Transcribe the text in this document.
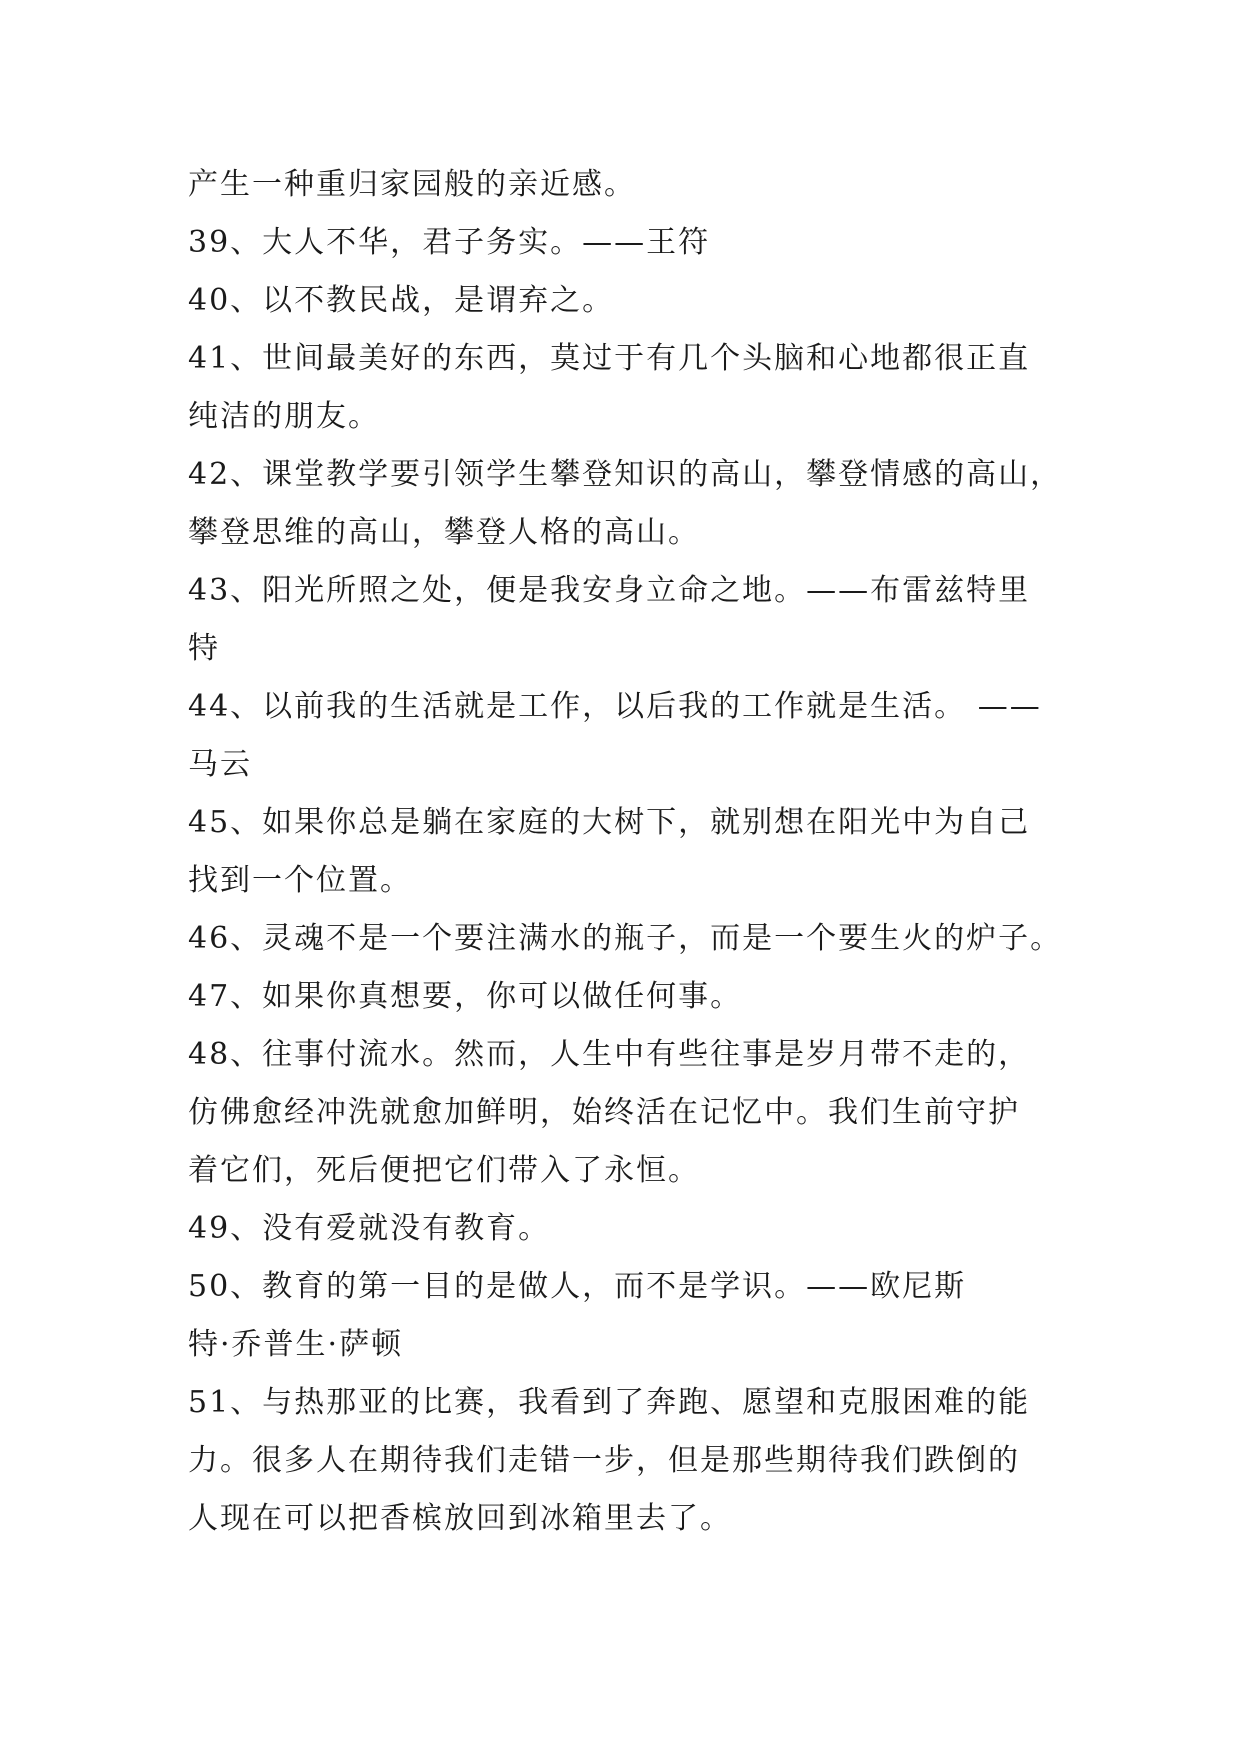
产生一种重归家园般的亲近感。
39、大人不华，君子务实。——王符
40、以不教民战，是谓弃之。
41、世间最美好的东西，莫过于有几个头脑和心地都很正直
纯洁的朋友。
42、课堂教学要引领学生攀登知识的高山，攀登情感的高山，
攀登思维的高山，攀登人格的高山。
43、阳光所照之处，便是我安身立命之地。——布雷兹特里
特
44、以前我的生活就是工作，以后我的工作就是生活。 ——
马云
45、如果你总是躺在家庭的大树下，就别想在阳光中为自己
找到一个位置。
46、灵魂不是一个要注满水的瓶子，而是一个要生火的炉子。
47、如果你真想要，你可以做任何事。
48、往事付流水。然而，人生中有些往事是岁月带不走的，
仿佛愈经冲洗就愈加鲜明，始终活在记忆中。我们生前守护
着它们，死后便把它们带入了永恒。
49、没有爱就没有教育。
50、教育的第一目的是做人，而不是学识。——欧尼斯
特·乔普生·萨顿
51、与热那亚的比赛，我看到了奔跑、愿望和克服困难的能
力。很多人在期待我们走错一步，但是那些期待我们跌倒的
人现在可以把香槟放回到冰箱里去了。
